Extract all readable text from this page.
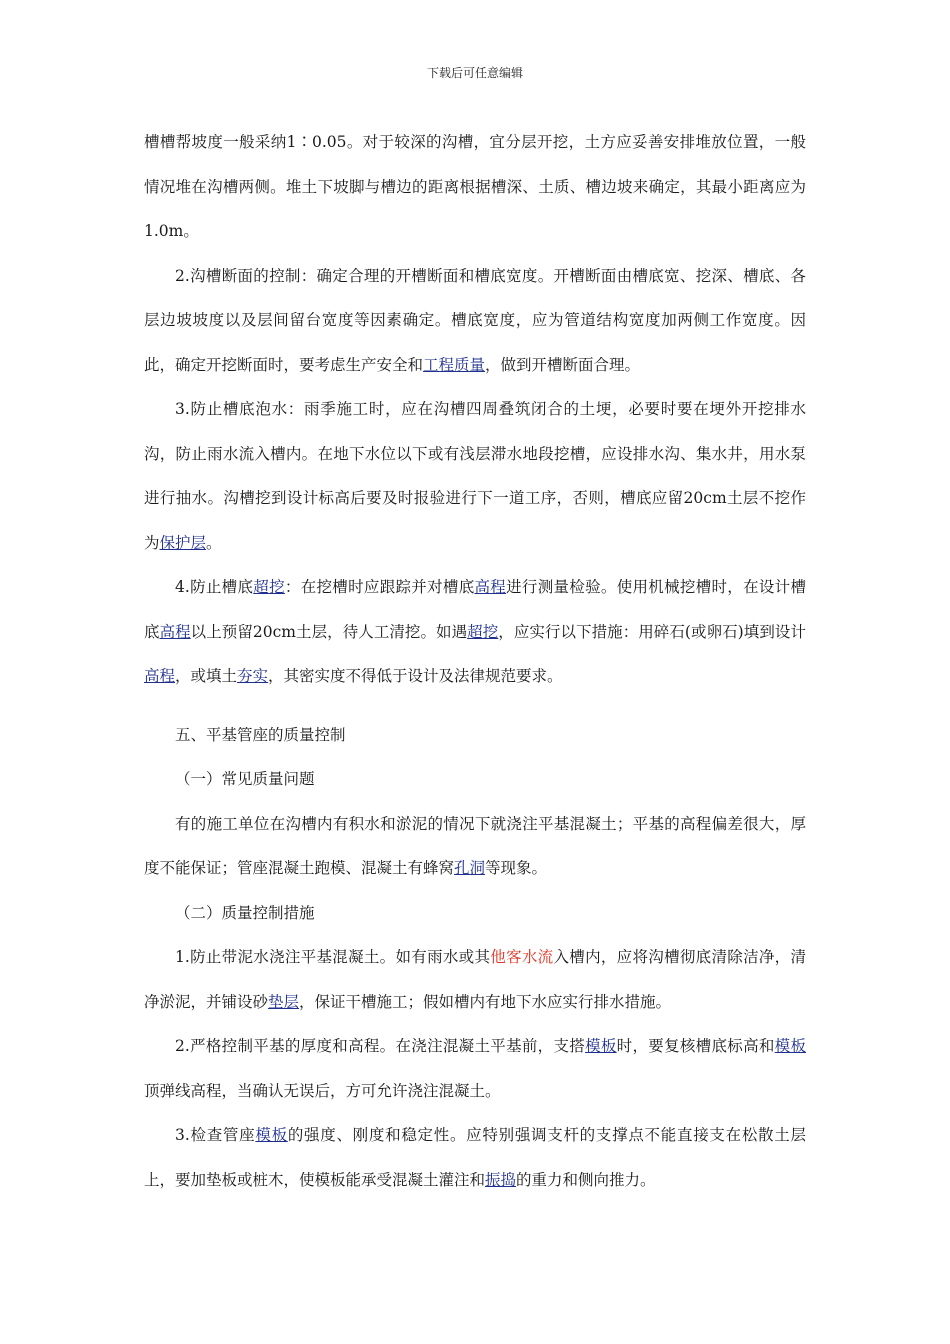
下载后可任意编辑

槽槽帮坡度一般采纳1∶0.05。对于较深的沟槽，宜分层开挖，土方应妥善安排堆放位置，一般情况堆在沟槽两侧。堆土下坡脚与槽边的距离根据槽深、土质、槽边坡来确定，其最小距离应为1.0m。

2.沟槽断面的控制：确定合理的开槽断面和槽底宽度。开槽断面由槽底宽、挖深、槽底、各层边坡坡度以及层间留台宽度等因素确定。槽底宽度，应为管道结构宽度加两侧工作宽度。因此，确定开挖断面时，要考虑生产安全和工程质量，做到开槽断面合理。

3.防止槽底泡水：雨季施工时，应在沟槽四周叠筑闭合的土埂，必要时要在埂外开挖排水沟，防止雨水流入槽内。在地下水位以下或有浅层滞水地段挖槽，应设排水沟、集水井，用水泵进行抽水。沟槽挖到设计标高后要及时报验进行下一道工序，否则，槽底应留20cm土层不挖作为保护层。

4.防止槽底超挖：在挖槽时应跟踪并对槽底高程进行测量检验。使用机械挖槽时，在设计槽底高程以上预留20cm土层，待人工清挖。如遇超挖，应实行以下措施：用碎石(或卵石)填到设计高程，或填土夯实，其密实度不得低于设计及法律规范要求。

五、平基管座的质量控制

（一）常见质量问题

有的施工单位在沟槽内有积水和淤泥的情况下就浇注平基混凝土；平基的高程偏差很大，厚度不能保证；管座混凝土跑模、混凝土有蜂窝孔洞等现象。

（二）质量控制措施

1.防止带泥水浇注平基混凝土。如有雨水或其他客水流入槽内，应将沟槽彻底清除洁净，清净淤泥，并铺设砂垫层，保证干槽施工；假如槽内有地下水应实行排水措施。

2.严格控制平基的厚度和高程。在浇注混凝土平基前，支搭模板时，要复核槽底标高和模板顶弹线高程，当确认无误后，方可允许浇注混凝土。

3.检查管座模板的强度、刚度和稳定性。应特别强调支杆的支撑点不能直接支在松散土层上，要加垫板或桩木，使模板能承受混凝土灌注和振捣的重力和侧向推力。
